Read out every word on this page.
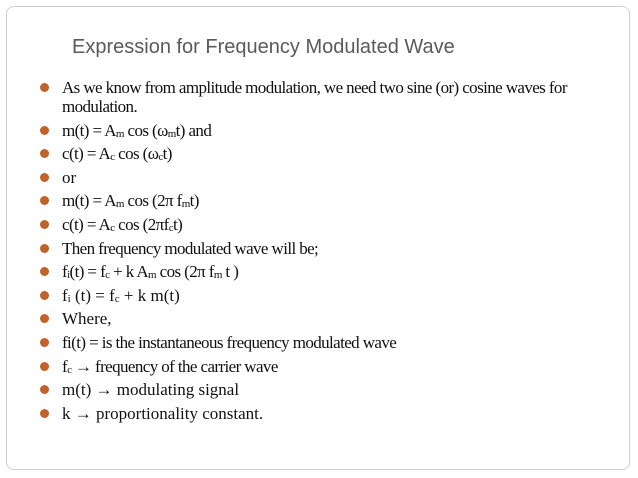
Expression for Frequency Modulated Wave
As we know from amplitude modulation, we need two sine (or) cosine waves for modulation.
$m(t) = A_m$ $\cos (\omega_mt)$ and
$c(t) = A_c$ $\cos (\omega_ct)$
or
$m(t) = A_m$ cos (2π $f_mt$)
$c(t) = A_c$ $\cos (2\pi f_ct)$
Then frequency modulated wave will be;
$f_i(t) = f_c + k$ $A_m$ cos (2π $f_m$ t )
$f_i$ $(t) = f_c + k$ m(t)
Where,
fi(t) = is the instantaneous frequency modulated wave
$f_c$ → frequency of the carrier wave
m(t) → modulating signal
k → proportionality constant.
